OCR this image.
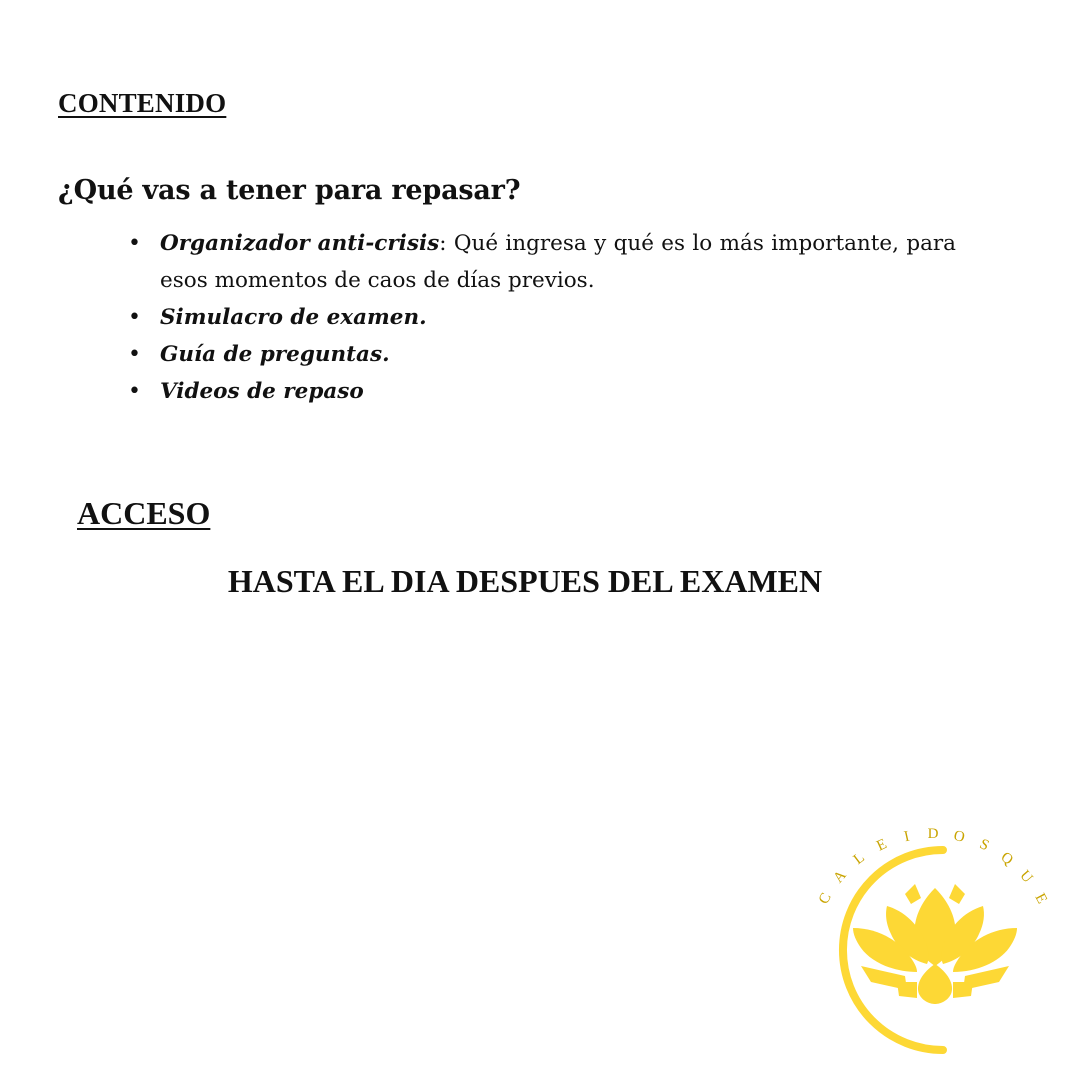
CONTENIDO
¿Qué vas a tener para repasar?
• Organizador anti-crisis: Qué ingresa y qué es lo más importante, para esos momentos de caos de días previos.
• Simulacro de examen.
• Guía de preguntas.
• Videos de repaso
ACCESO

HASTA EL DIA DESPUES DEL EXAMEN

C
A
L
E I D O S
Q
U
E
